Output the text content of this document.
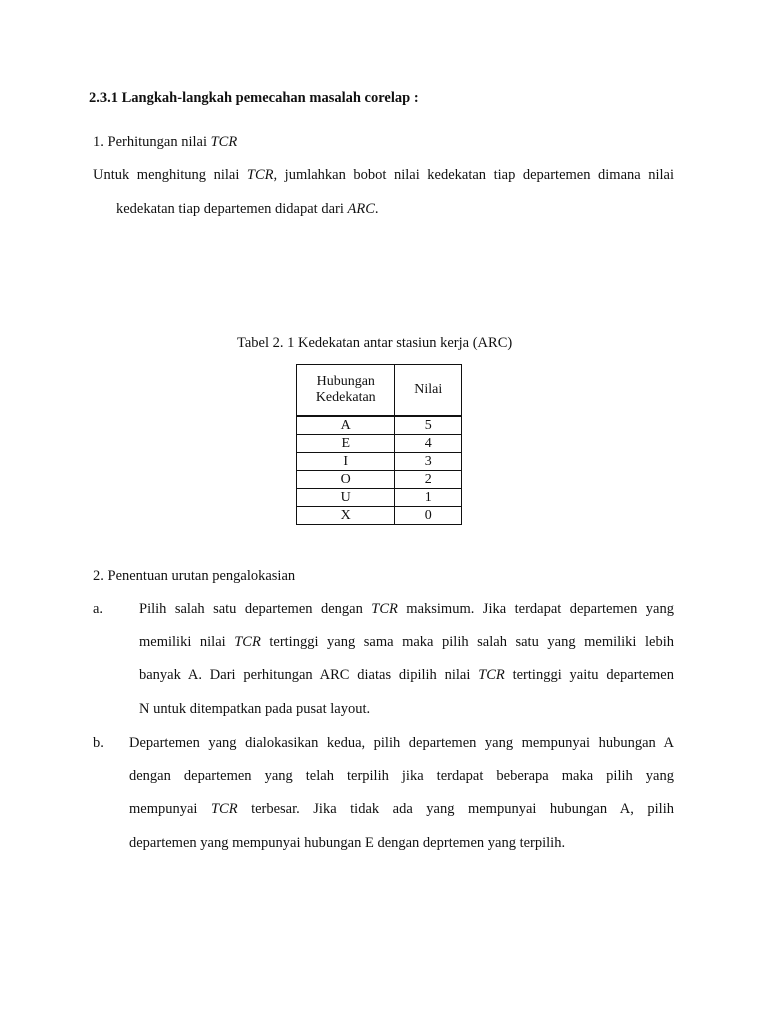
2.3.1 Langkah-langkah pemecahan masalah corelap :
1. Perhitungan nilai TCR
Untuk menghitung nilai TCR, jumlahkan bobot nilai kedekatan tiap departemen dimana nilai
kedekatan tiap departemen didapat dari ARC.
Tabel 2. 1 Kedekatan antar stasiun kerja (ARC)
Hubungan
Kedekatan	Nilai
A	5
E	4
I	3
O	2
U	1
X	0
2. Penentuan urutan pengalokasian
a. Pilih salah satu departemen dengan TCR maksimum. Jika terdapat departemen yang
memiliki nilai TCR tertinggi yang sama maka pilih salah satu yang memiliki lebih
banyak A. Dari perhitungan ARC diatas dipilih nilai TCR tertinggi yaitu departemen
N untuk ditempatkan pada pusat layout.
b. Departemen yang dialokasikan kedua, pilih departemen yang mempunyai hubungan A
dengan departemen yang telah terpilih jika terdapat beberapa maka pilih yang
mempunyai TCR terbesar. Jika tidak ada yang mempunyai hubungan A, pilih
departemen yang mempunyai hubungan E dengan deprtemen yang terpilih.
